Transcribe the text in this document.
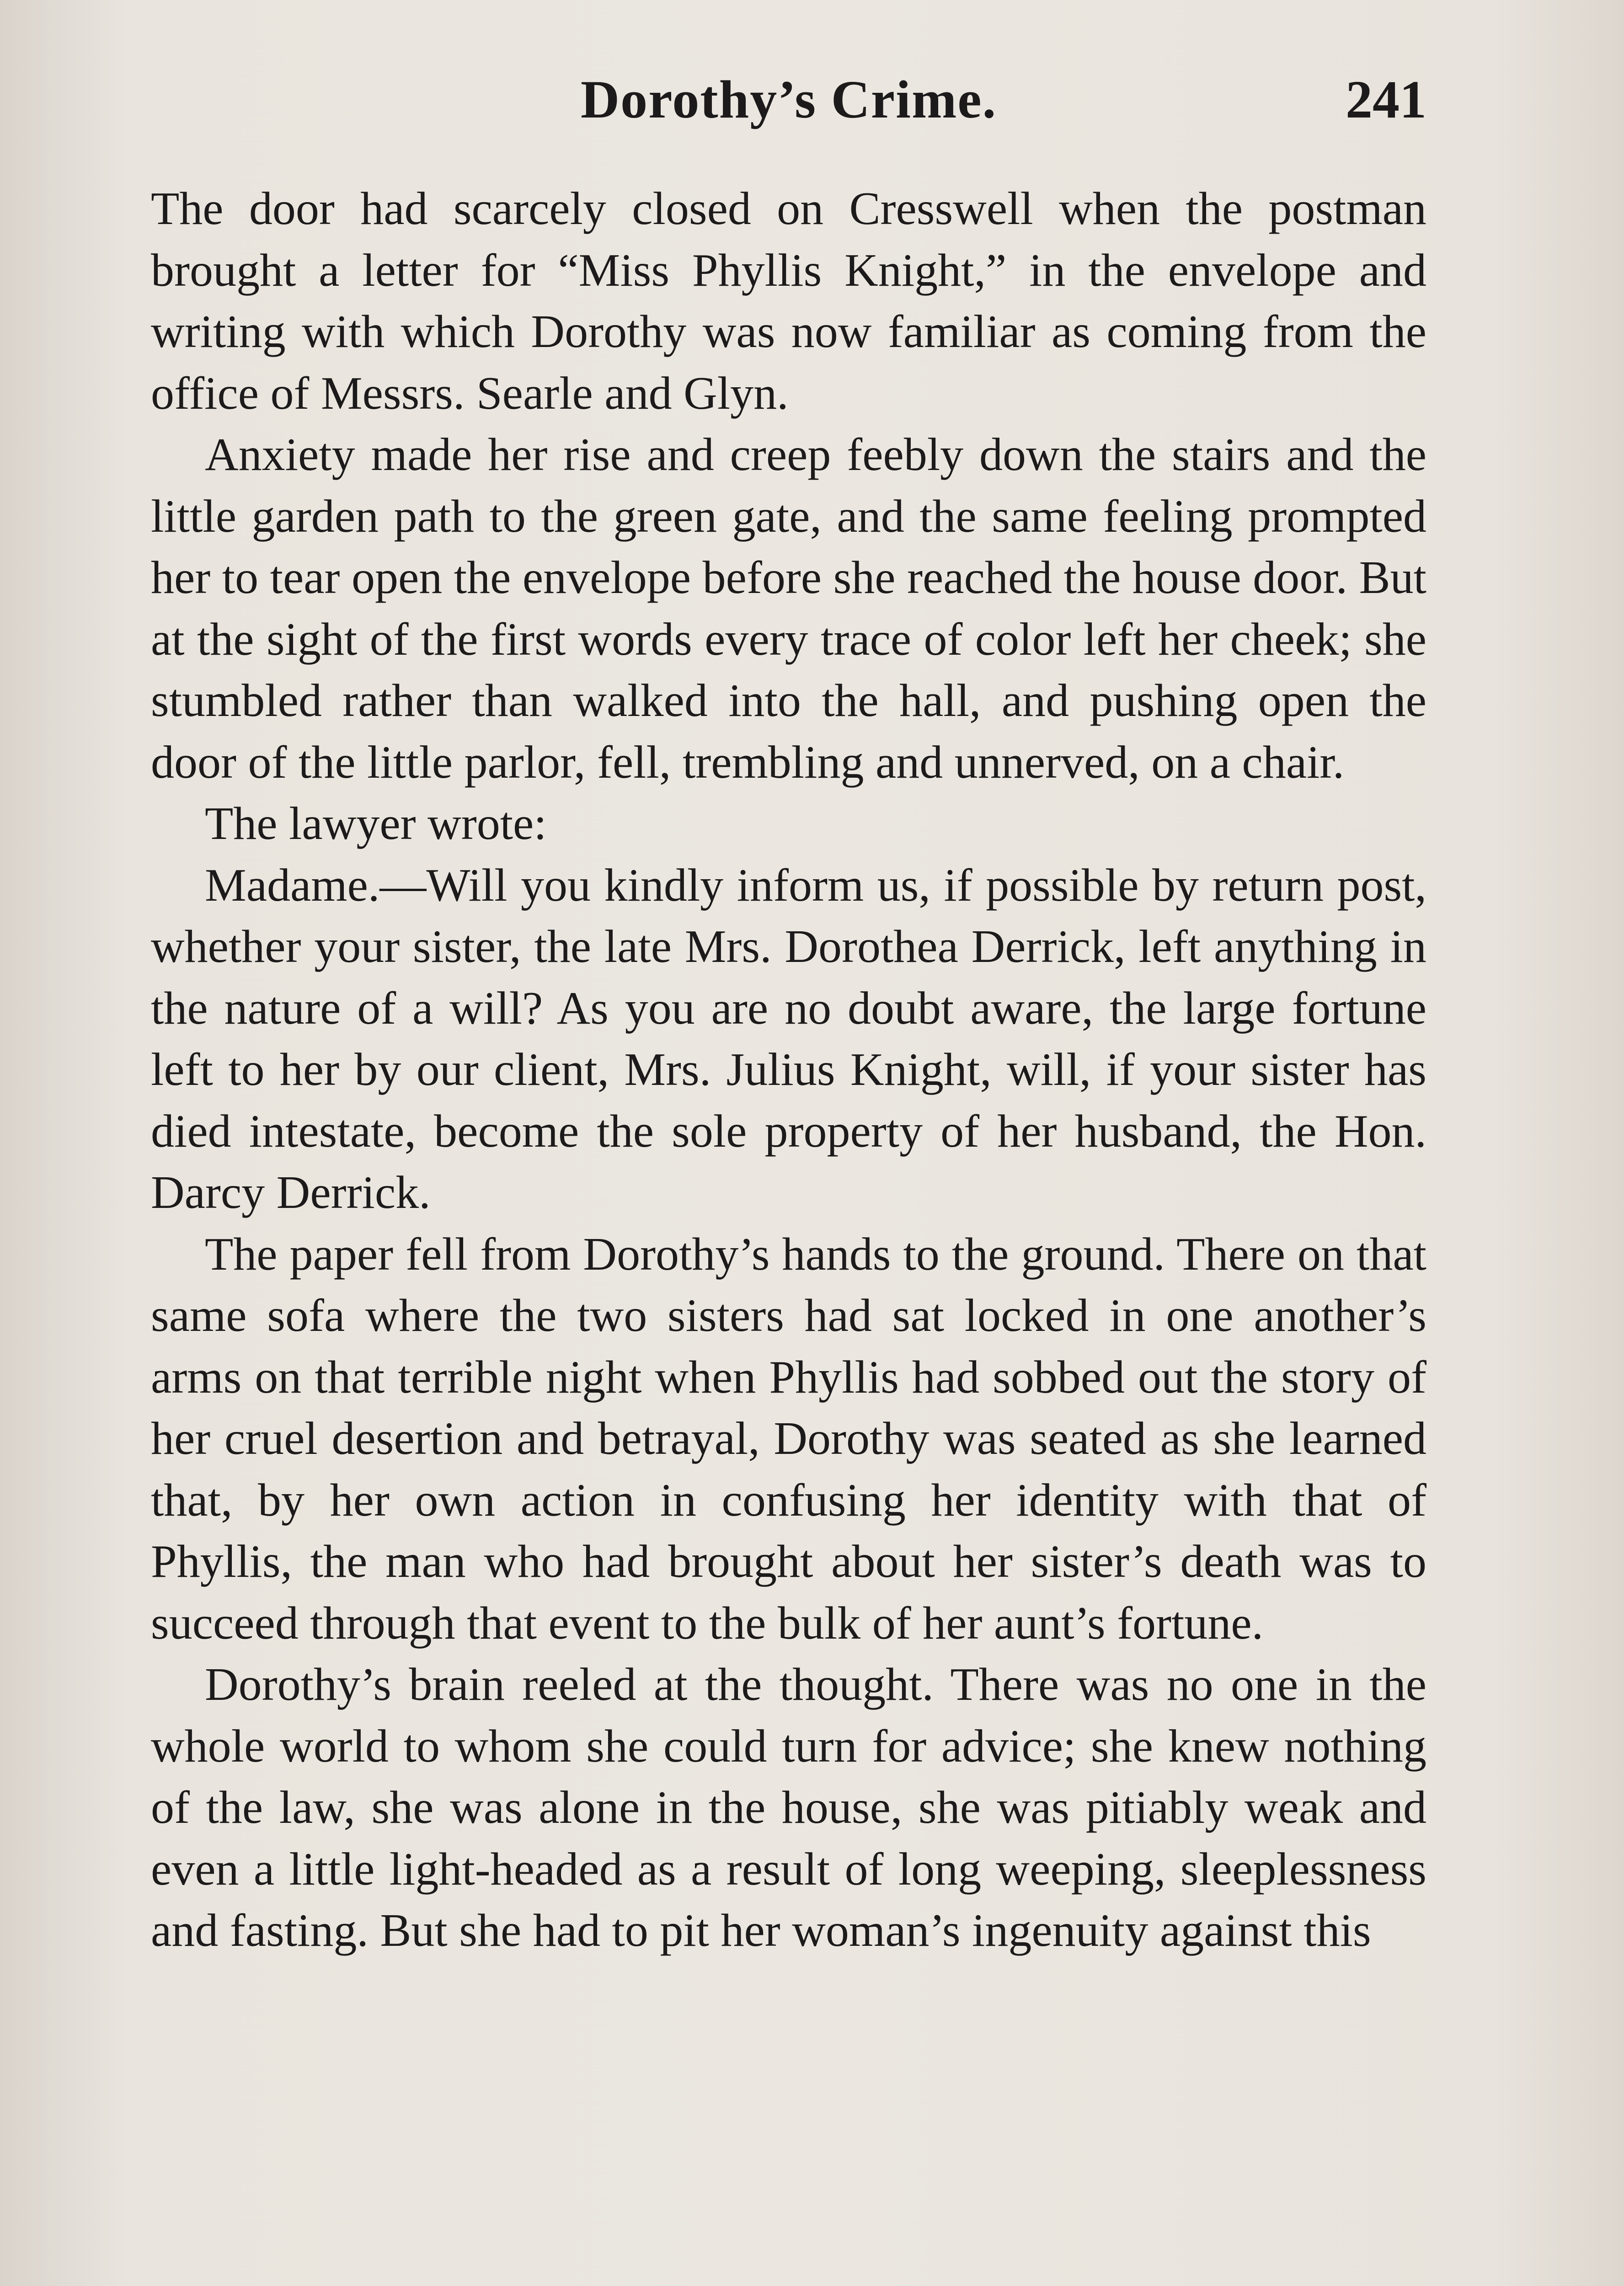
Dorothy’s Crime.	241

The door had scarcely closed on Cresswell when the postman brought a letter for “Miss Phyllis Knight,” in the envelope and writing with which Dorothy was now familiar as coming from the office of Messrs. Searle and Glyn.

Anxiety made her rise and creep feebly down the stairs and the little garden path to the green gate, and the same feeling prompted her to tear open the envelope before she reached the house door. But at the sight of the first words every trace of color left her cheek; she stumbled rather than walked into the hall, and pushing open the door of the little parlor, fell, trembling and unnerved, on a chair.

The lawyer wrote:

Madame.—Will you kindly inform us, if possible by return post, whether your sister, the late Mrs. Dorothea Derrick, left anything in the nature of a will? As you are no doubt aware, the large fortune left to her by our client, Mrs. Julius Knight, will, if your sister has died intestate, become the sole property of her husband, the Hon. Darcy Derrick.

The paper fell from Dorothy’s hands to the ground. There on that same sofa where the two sisters had sat locked in one another’s arms on that terrible night when Phyllis had sobbed out the story of her cruel desertion and betrayal, Dorothy was seated as she learned that, by her own action in confusing her identity with that of Phyllis, the man who had brought about her sister’s death was to succeed through that event to the bulk of her aunt’s fortune.

Dorothy’s brain reeled at the thought. There was no one in the whole world to whom she could turn for advice; she knew nothing of the law, she was alone in the house, she was pitiably weak and even a little light-headed as a result of long weeping, sleeplessness and fasting. But she had to pit her woman’s ingenuity against this
